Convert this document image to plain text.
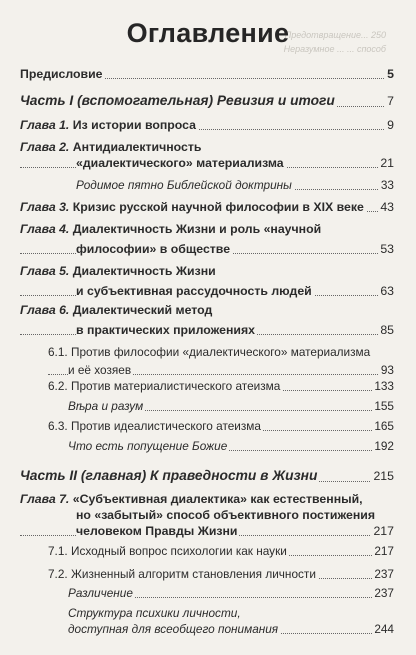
Предотвращение... 250
Неразумное ... ... способ
Оглавление
Предисловие	5
Часть I (вспомогательная) Ревизия и итоги	7
Глава 1. Из истории вопроса	9
Глава 2. Антидиалектичность
«диалектического» материализма	21
Родимое пятно Библейской доктрины	33
Глава 3. Кризис русской научной философии в XIX веке 43
Глава 4. Диалектичность Жизни и роль «научной
философии» в обществе	53
Глава 5. Диалектичность Жизни
и субъективная рассудочность людей	63
Глава 6. Диалектический метод
в практических приложениях	85
6.1. Против философии «диалектического» материализма
и её хозяев	93
6.2. Против материалистического атеизма	133
Вѣра и разум	155
6.3. Против идеалистического атеизма	165
Что есть попущение Божие	192
Часть II (главная) К праведности в Жизни	215
Глава 7. «Субъективная диалектика» как естественный,
но «забытый» способ объективного постижения
человеком Правды Жизни	217
7.1. Исходный вопрос психологии как науки	217
7.2. Жизненный алгоритм становления личности	237
Различение	237
Структура психики личности,
доступная для всеобщего понимания	244
